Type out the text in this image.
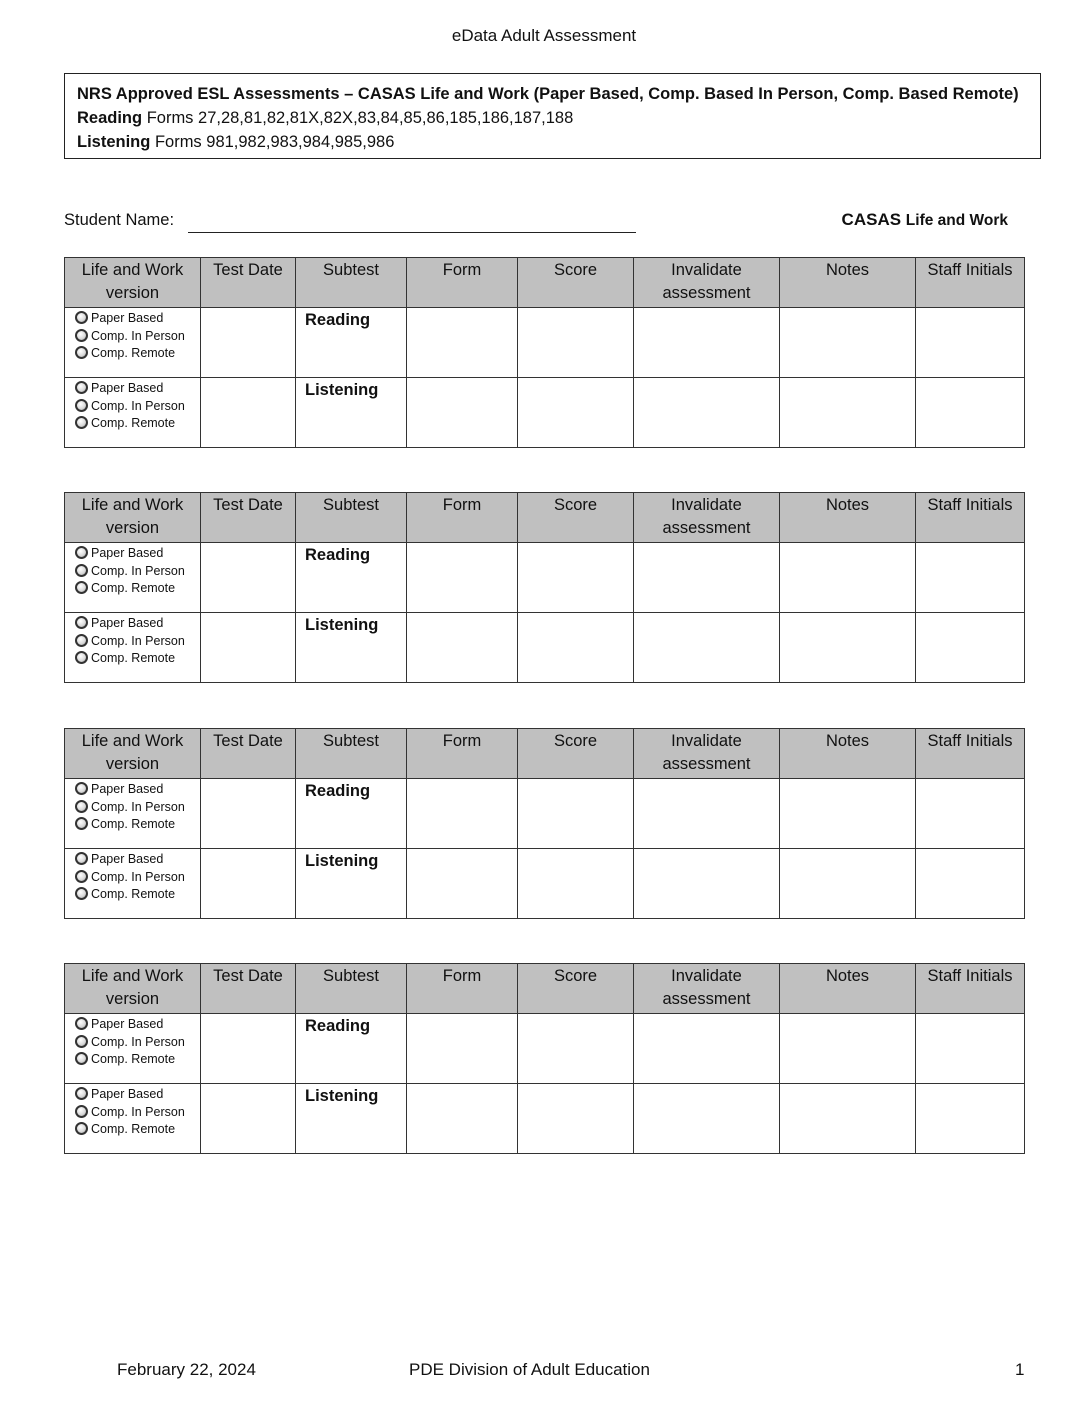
eData Adult Assessment
NRS Approved ESL Assessments – CASAS Life and Work (Paper Based, Comp. Based In Person, Comp. Based Remote)
Reading Forms 27,28,81,82,81X,82X,83,84,85,86,185,186,187,188
Listening Forms 981,982,983,984,985,986
Student Name:	CASAS Life and Work
Life and Work version	Test Date	Subtest	Form	Score	Invalidate assessment	Notes	Staff Initials

Paper Based
Comp. In Person
Comp. Remote		Reading					

Paper Based
Comp. In Person
Comp. Remote		Listening					

Life and Work version	Test Date	Subtest	Form	Score	Invalidate assessment	Notes	Staff Initials

Paper Based
Comp. In Person
Comp. Remote		Reading					

Paper Based
Comp. In Person
Comp. Remote		Listening					

Life and Work version	Test Date	Subtest	Form	Score	Invalidate assessment	Notes	Staff Initials

Paper Based
Comp. In Person
Comp. Remote		Reading					

Paper Based
Comp. In Person
Comp. Remote		Listening					

Life and Work version	Test Date	Subtest	Form	Score	Invalidate assessment	Notes	Staff Initials

Paper Based
Comp. In Person
Comp. Remote		Reading					

Paper Based
Comp. In Person
Comp. Remote		Listening					

February 22, 2024	PDE Division of Adult Education	1
